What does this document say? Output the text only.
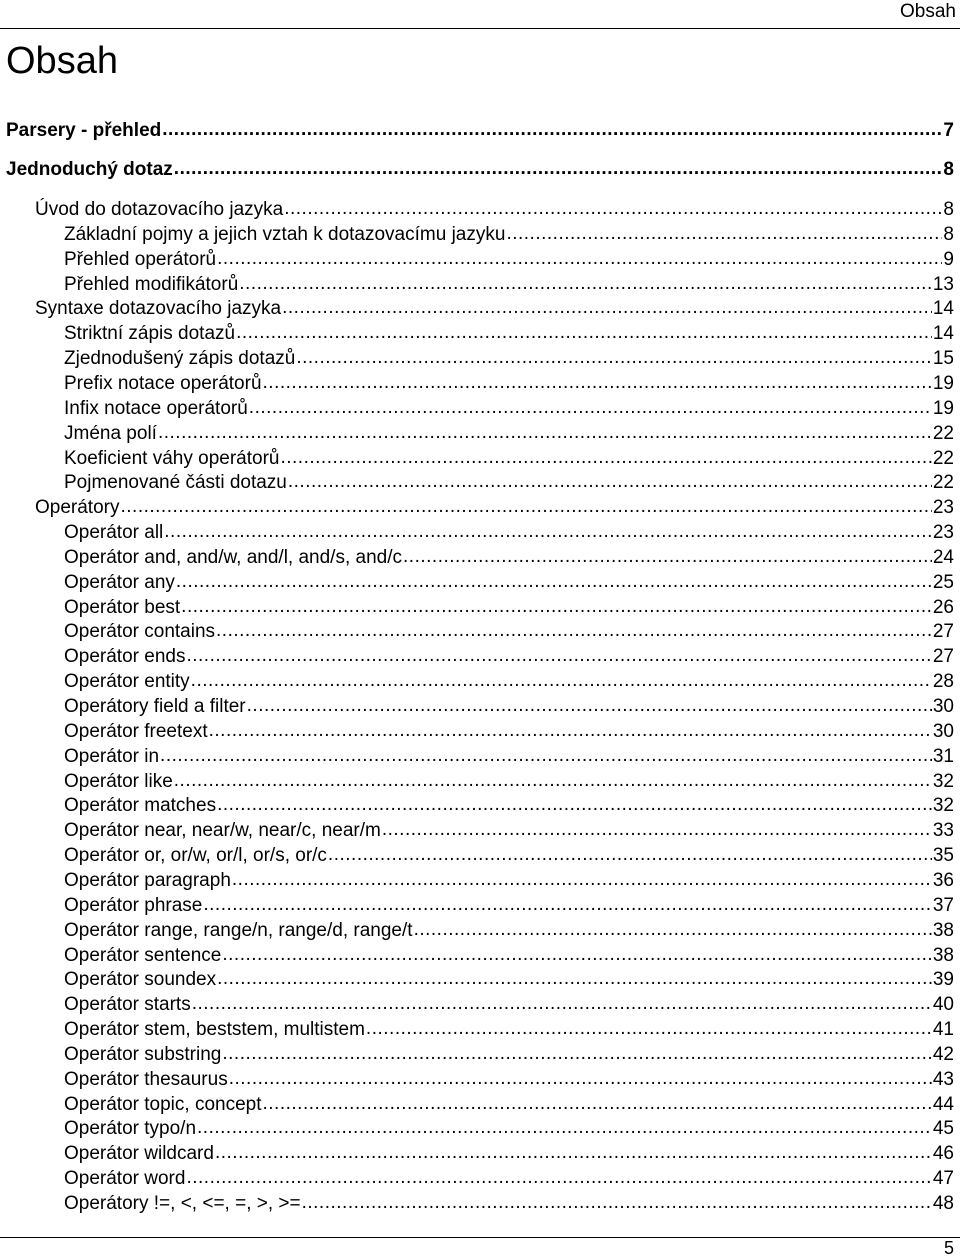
Obsah
Obsah
Parsery - přehled .....	7
Jednoduchý dotaz .....	8
Úvod do dotazovacího jazyka .....	8
Základní pojmy a jejich vztah k dotazovacímu jazyku .....	8
Přehled operátorů .....	9
Přehled modifikátorů .....	13
Syntaxe dotazovacího jazyka .....	14
Striktní zápis dotazů .....	14
Zjednodušený zápis dotazů .....	15
Prefix notace operátorů .....	19
Infix notace operátorů .....	19
Jména polí .....	22
Koeficient váhy operátorů .....	22
Pojmenované části dotazu .....	22
Operátory .....	23
Operátor all .....	23
Operátor and, and/w, and/l, and/s, and/c .....	24
Operátor any .....	25
Operátor best .....	26
Operátor contains .....	27
Operátor ends .....	27
Operátor entity .....	28
Operátory field a filter .....	30
Operátor freetext .....	30
Operátor in .....	31
Operátor like .....	32
Operátor matches .....	32
Operátor near, near/w, near/c, near/m .....	33
Operátor or, or/w, or/l, or/s, or/c .....	35
Operátor paragraph .....	36
Operátor phrase .....	37
Operátor range, range/n, range/d, range/t .....	38
Operátor sentence .....	38
Operátor soundex .....	39
Operátor starts .....	40
Operátor stem, beststem, multistem .....	41
Operátor substring .....	42
Operátor thesaurus .....	43
Operátor topic, concept .....	44
Operátor typo/n .....	45
Operátor wildcard .....	46
Operátor word .....	47
Operátory !=, <, <=, =, >, >= .....	48
5
